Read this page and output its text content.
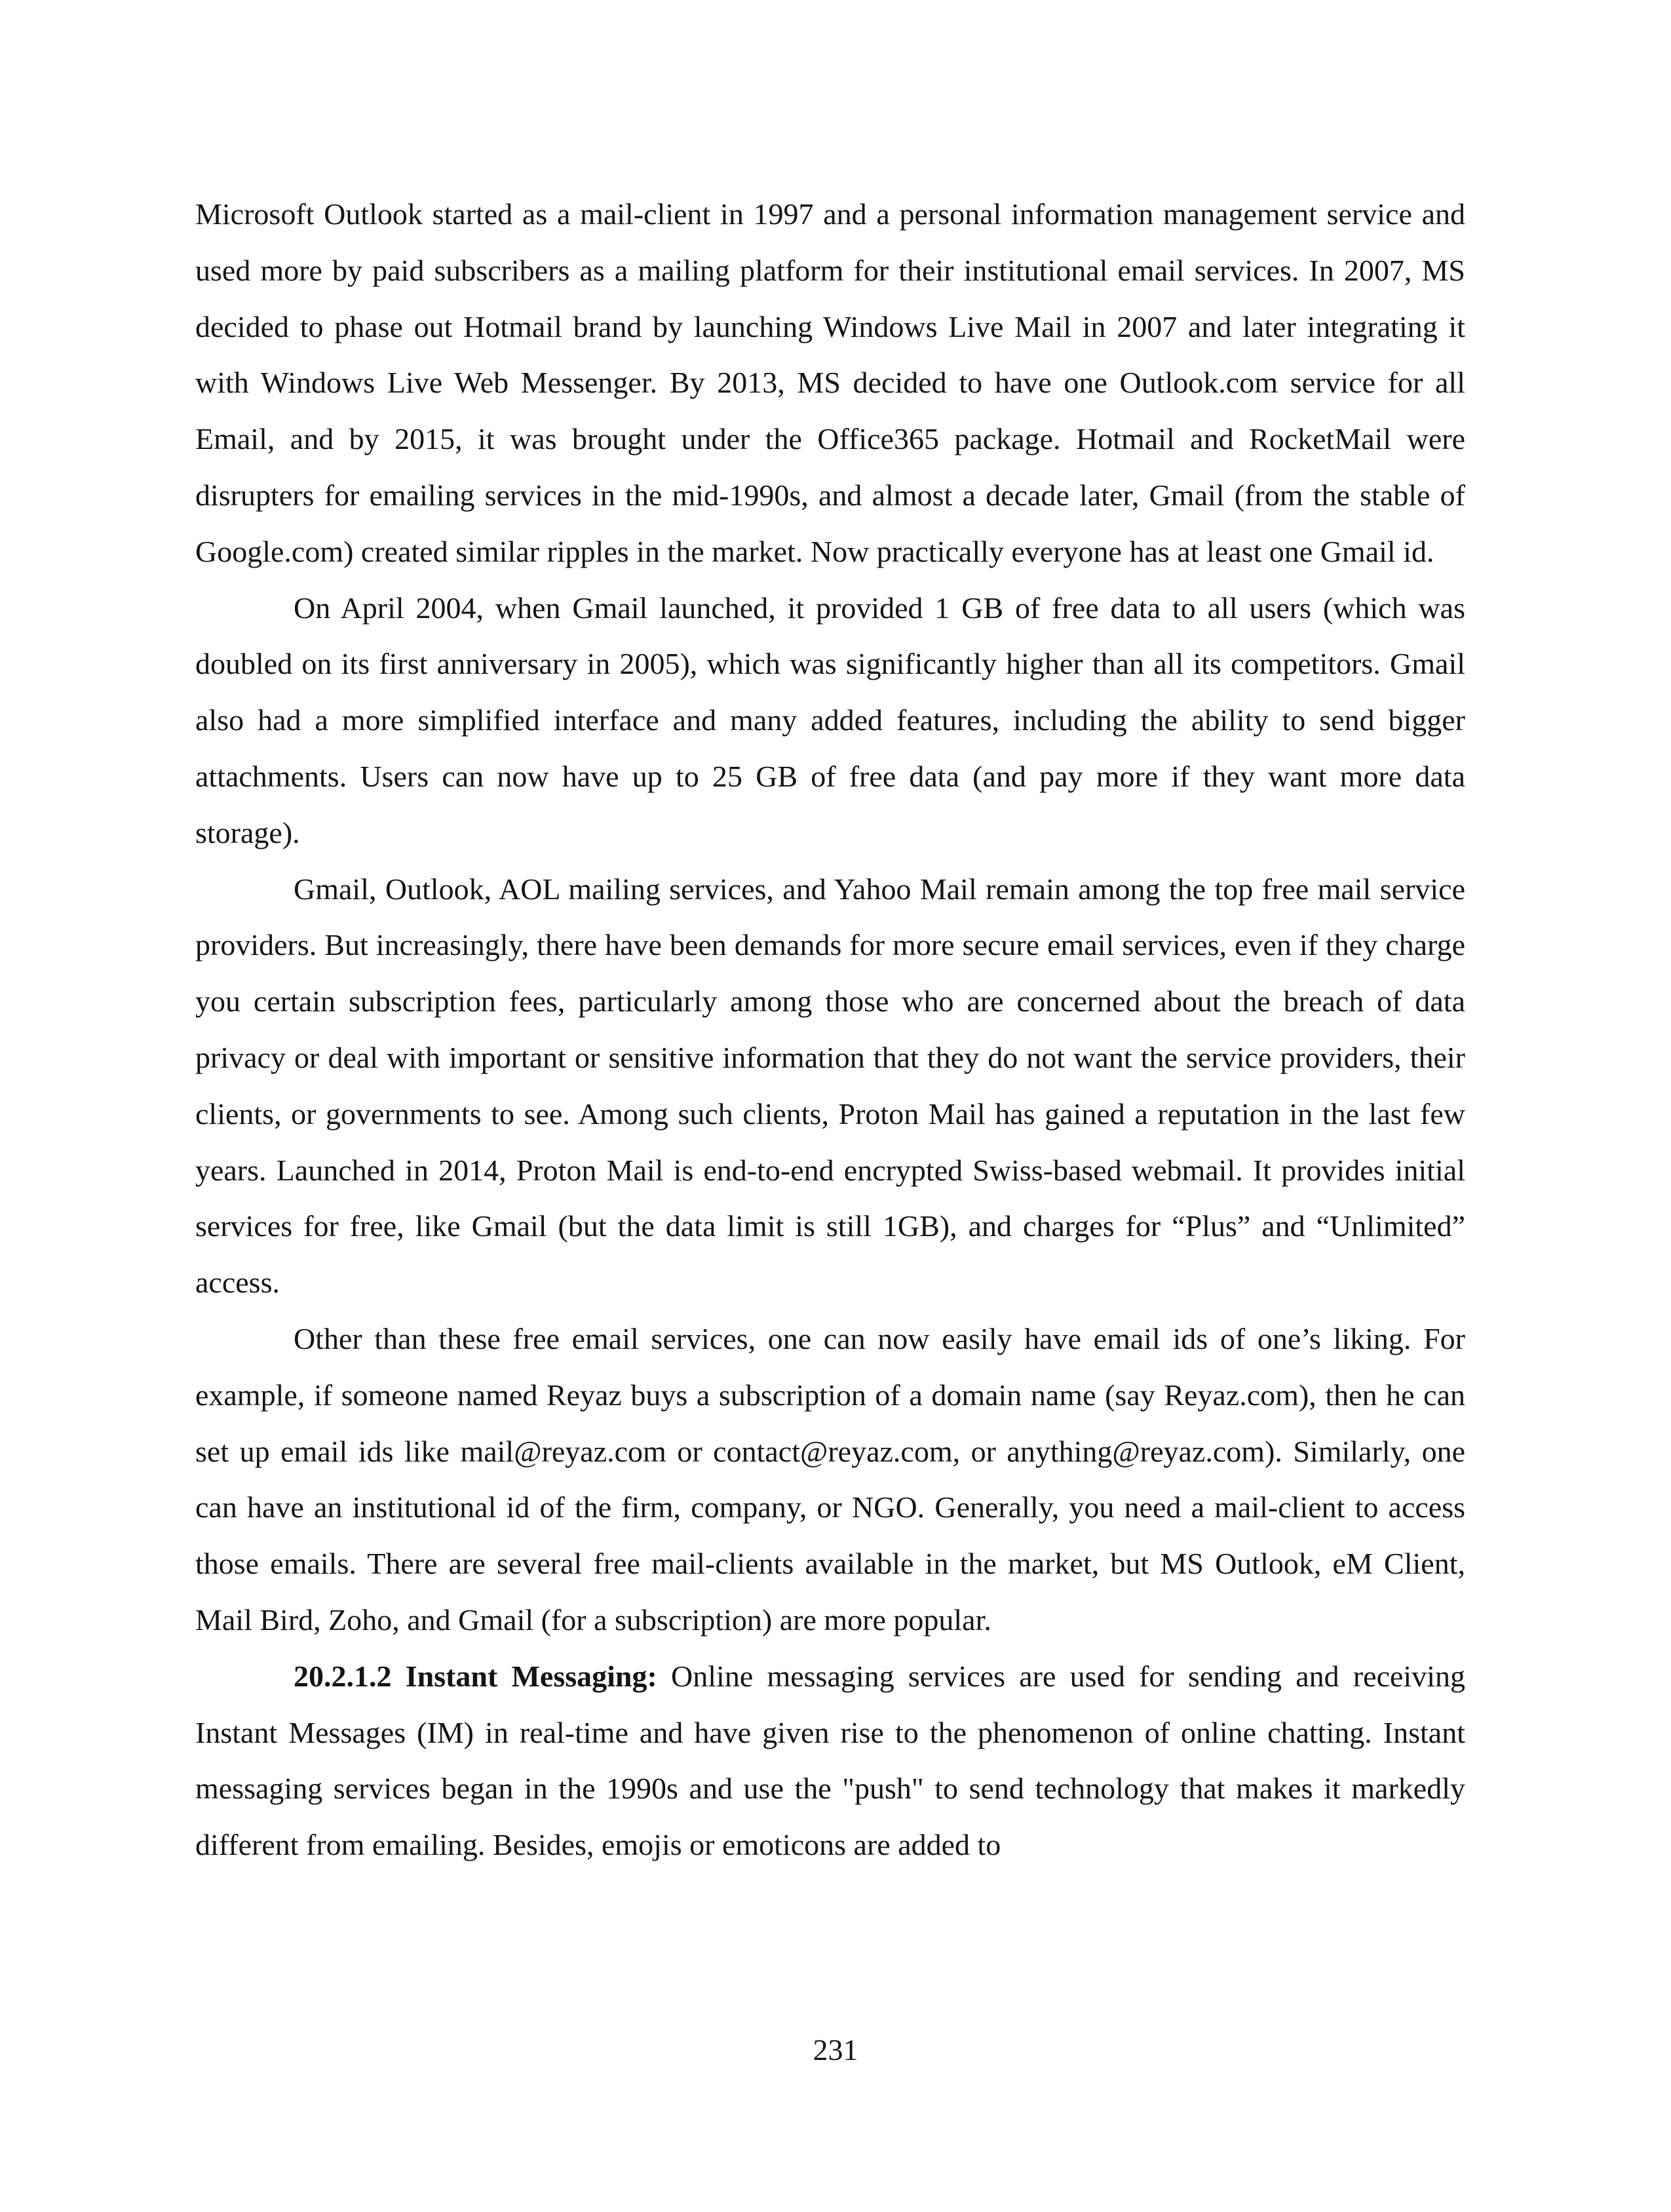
Microsoft Outlook started as a mail-client in 1997 and a personal information management service and used more by paid subscribers as a mailing platform for their institutional email services. In 2007, MS decided to phase out Hotmail brand by launching Windows Live Mail in 2007 and later integrating it with Windows Live Web Messenger. By 2013, MS decided to have one Outlook.com service for all Email, and by 2015, it was brought under the Office365 package. Hotmail and RocketMail were disrupters for emailing services in the mid-1990s, and almost a decade later, Gmail (from the stable of Google.com) created similar ripples in the market. Now practically everyone has at least one Gmail id.

On April 2004, when Gmail launched, it provided 1 GB of free data to all users (which was doubled on its first anniversary in 2005), which was significantly higher than all its competitors. Gmail also had a more simplified interface and many added features, including the ability to send bigger attachments. Users can now have up to 25 GB of free data (and pay more if they want more data storage).

Gmail, Outlook, AOL mailing services, and Yahoo Mail remain among the top free mail service providers. But increasingly, there have been demands for more secure email services, even if they charge you certain subscription fees, particularly among those who are concerned about the breach of data privacy or deal with important or sensitive information that they do not want the service providers, their clients, or governments to see. Among such clients, Proton Mail has gained a reputation in the last few years. Launched in 2014, Proton Mail is end-to-end encrypted Swiss-based webmail. It provides initial services for free, like Gmail (but the data limit is still 1GB), and charges for “Plus” and “Unlimited” access.

Other than these free email services, one can now easily have email ids of one’s liking. For example, if someone named Reyaz buys a subscription of a domain name (say Reyaz.com), then he can set up email ids like mail@reyaz.com or contact@reyaz.com, or anything@reyaz.com). Similarly, one can have an institutional id of the firm, company, or NGO. Generally, you need a mail-client to access those emails. There are several free mail-clients available in the market, but MS Outlook, eM Client, Mail Bird, Zoho, and Gmail (for a subscription) are more popular.

20.2.1.2 Instant Messaging: Online messaging services are used for sending and receiving Instant Messages (IM) in real-time and have given rise to the phenomenon of online chatting. Instant messaging services began in the 1990s and use the "push" to send technology that makes it markedly different from emailing. Besides, emojis or emoticons are added to

231
